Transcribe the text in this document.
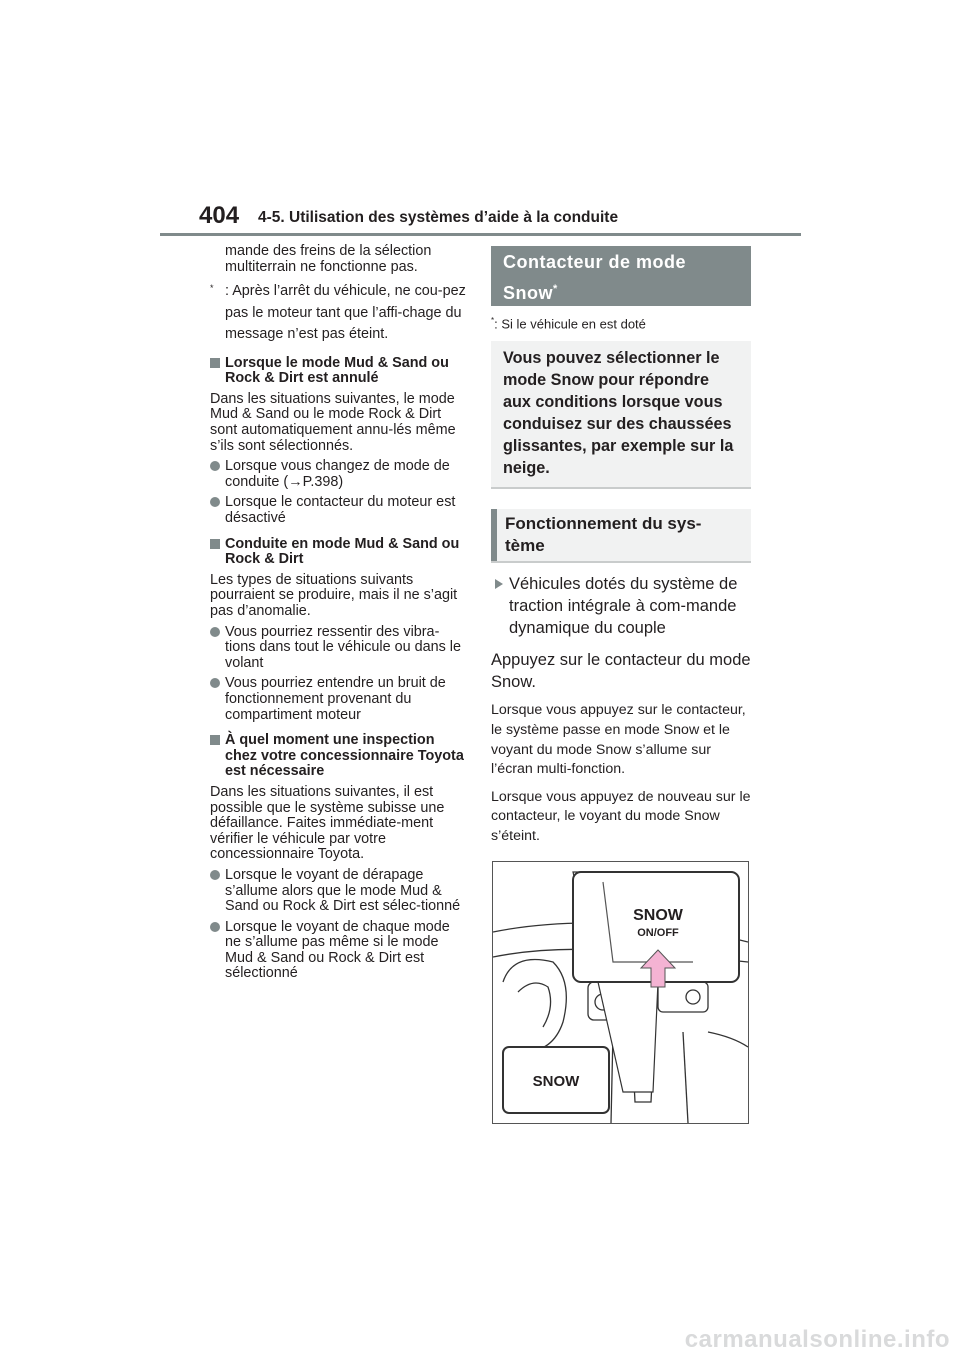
404 4-5. Utilisation des systèmes d’aide à la conduite

mande des freins de la sélection multiterrain ne fonctionne pas.

* : Après l’arrêt du véhicule, ne cou-pez pas le moteur tant que l’affi-chage du message n’est pas éteint.

Lorsque le mode Mud & Sand ou Rock & Dirt est annulé

Dans les situations suivantes, le mode Mud & Sand ou le mode Rock & Dirt sont automatiquement annu-lés même s’ils sont sélectionnés.

Lorsque vous changez de mode de conduite (→P.398)

Lorsque le contacteur du moteur est désactivé

Conduite en mode Mud & Sand ou Rock & Dirt

Les types de situations suivants pourraient se produire, mais il ne s’agit pas d’anomalie.

Vous pourriez ressentir des vibra-tions dans tout le véhicule ou dans le volant

Vous pourriez entendre un bruit de fonctionnement provenant du compartiment moteur

À quel moment une inspection chez votre concessionnaire Toyota est nécessaire

Dans les situations suivantes, il est possible que le système subisse une défaillance. Faites immédiate-ment vérifier le véhicule par votre concessionnaire Toyota.

Lorsque le voyant de dérapage s’allume alors que le mode Mud & Sand ou Rock & Dirt est sélec-tionné

Lorsque le voyant de chaque mode ne s’allume pas même si le mode Mud & Sand ou Rock & Dirt est sélectionné

Contacteur de mode
Snow*
*: Si le véhicule en est doté
Vous pouvez sélectionner le mode Snow pour répondre aux conditions lorsque vous conduisez sur des chaussées glissantes, par exemple sur la neige.
Fonctionnement du sys-
tème
Véhicules dotés du système de traction intégrale à com-mande dynamique du couple
Appuyez sur le contacteur du mode Snow.
Lorsque vous appuyez sur le contacteur, le système passe en mode Snow et le voyant du mode Snow s’allume sur l’écran multi-fonction.
Lorsque vous appuyez de nouveau sur le contacteur, le voyant du mode Snow s’éteint.
SNOW
ON/OFF
SNOW
carmanualsonline.info
